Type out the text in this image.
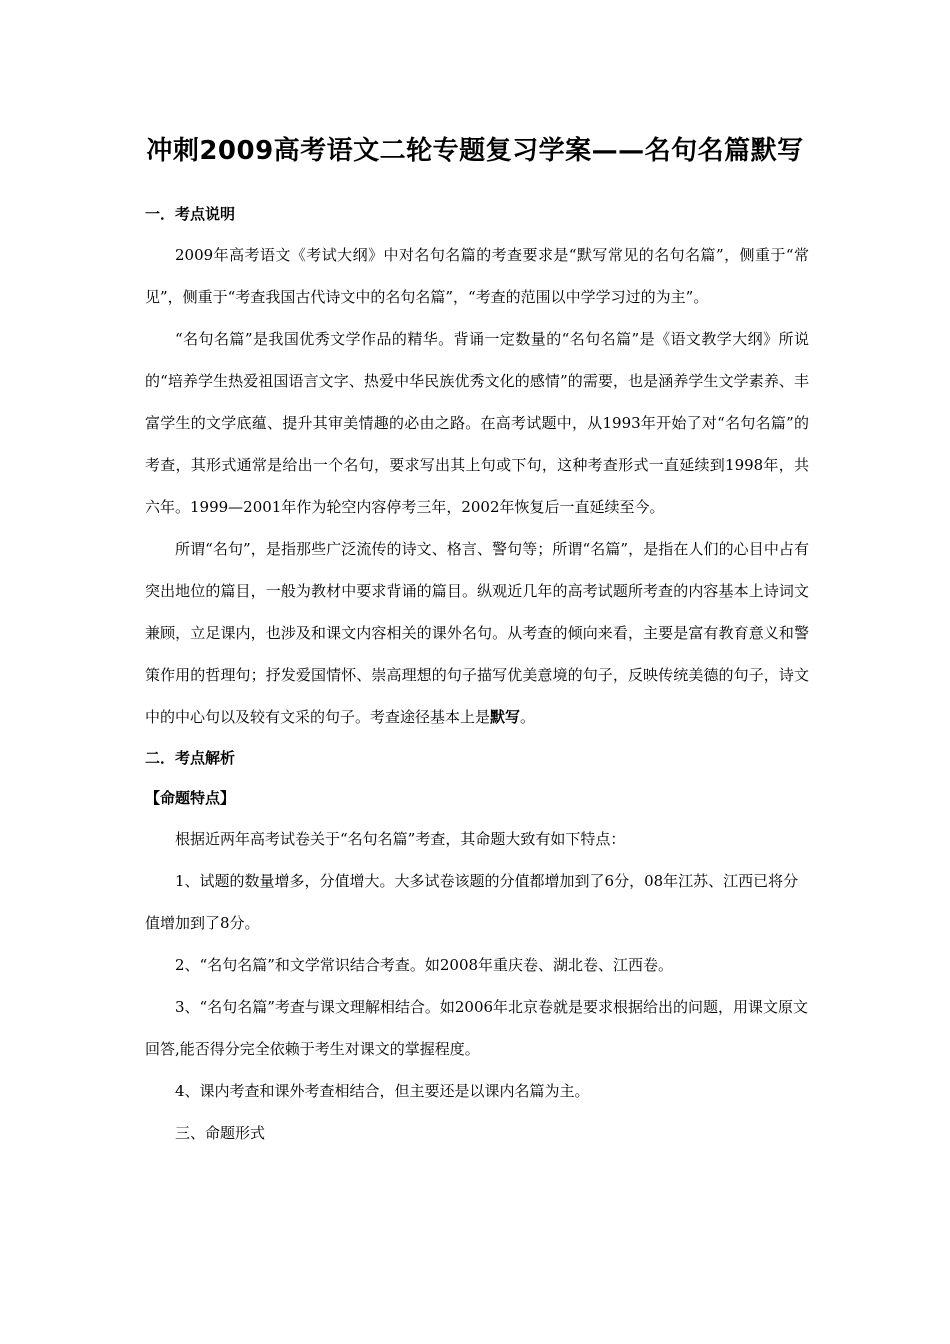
冲刺2009高考语文二轮专题复习学案——名句名篇默写
一．考点说明

2009年高考语文《考试大纲》中对名句名篇的考查要求是“默写常见的名句名篇”，侧重于“常见”，侧重于“考查我国古代诗文中的名句名篇”，“考查的范围以中学学习过的为主”。

“名句名篇”是我国优秀文学作品的精华。背诵一定数量的“名句名篇”是《语文教学大纲》所说的“培养学生热爱祖国语言文字、热爱中华民族优秀文化的感情”的需要，也是涵养学生文学素养、丰富学生的文学底蕴、提升其审美情趣的必由之路。在高考试题中，从1993年开始了对“名句名篇”的考查，其形式通常是给出一个名句，要求写出其上句或下句，这种考查形式一直延续到1998年，共六年。1999—2001年作为轮空内容停考三年，2002年恢复后一直延续至今。

所谓“名句”，是指那些广泛流传的诗文、格言、警句等；所谓“名篇”，是指在人们的心目中占有突出地位的篇目，一般为教材中要求背诵的篇目。纵观近几年的高考试题所考查的内容基本上诗词文兼顾，立足课内，也涉及和课文内容相关的课外名句。从考查的倾向来看，主要是富有教育意义和警策作用的哲理句；抒发爱国情怀、崇高理想的句子描写优美意境的句子，反映传统美德的句子，诗文中的中心句以及较有文采的句子。考查途径基本上是默写。

二．考点解析
【命题特点】

根据近两年高考试卷关于“名句名篇”考查，其命题大致有如下特点：

1、试题的数量增多，分值增大。大多试卷该题的分值都增加到了6分，08年江苏、江西已将分值增加到了8分。

2、“名句名篇”和文学常识结合考查。如2008年重庆卷、湖北卷、江西卷。

3、“名句名篇”考查与课文理解相结合。如2006年北京卷就是要求根据给出的问题，用课文原文回答,能否得分完全依赖于考生对课文的掌握程度。

4、课内考查和课外考查相结合，但主要还是以课内名篇为主。

三、命题形式
